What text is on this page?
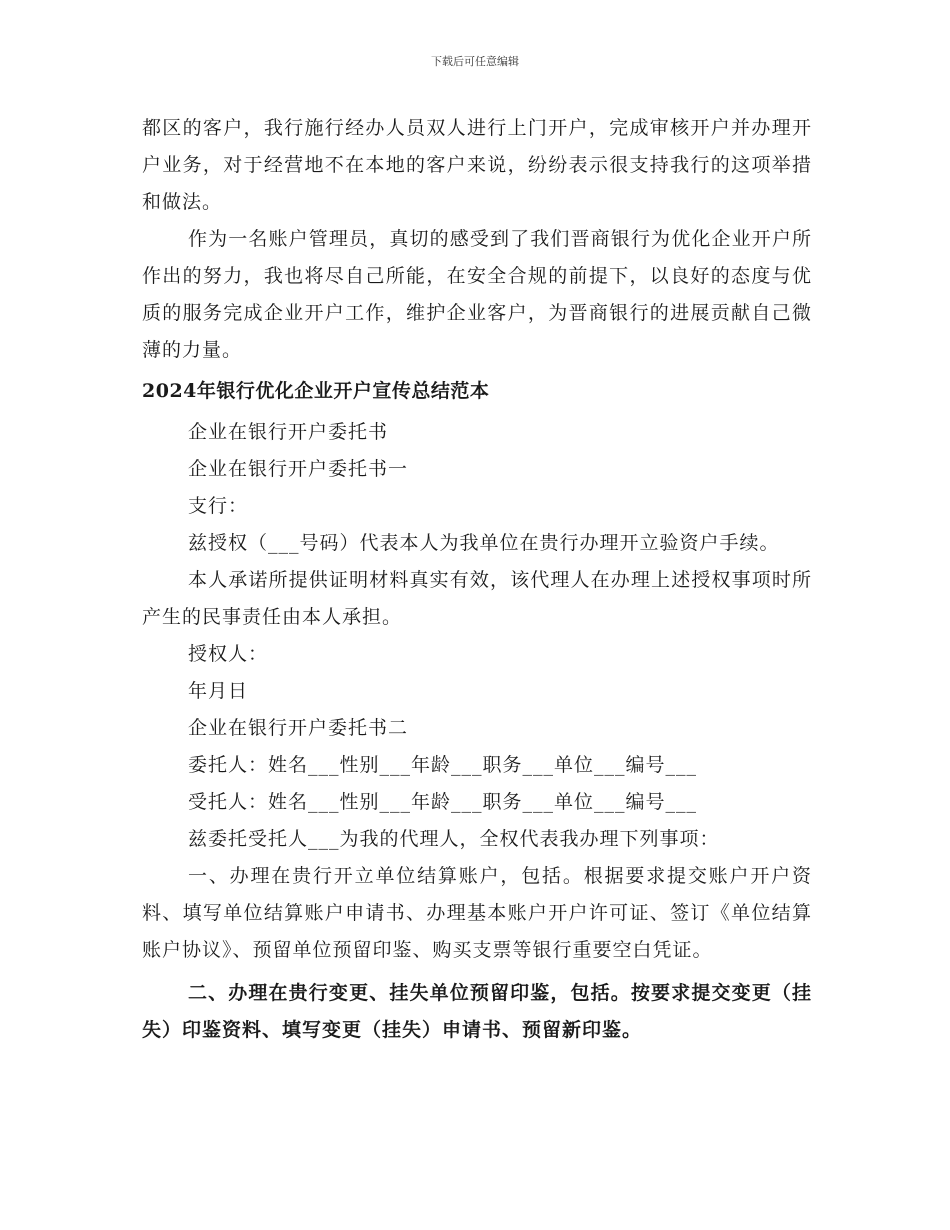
下载后可任意编辑

都区的客户，我行施行经办人员双人进行上门开户，完成审核开户并办理开户业务，对于经营地不在本地的客户来说，纷纷表示很支持我行的这项举措和做法。

作为一名账户管理员，真切的感受到了我们晋商银行为优化企业开户所作出的努力，我也将尽自己所能，在安全合规的前提下，以良好的态度与优质的服务完成企业开户工作，维护企业客户，为晋商银行的进展贡献自己微薄的力量。

2024年银行优化企业开户宣传总结范本

企业在银行开户委托书

企业在银行开户委托书一

支行：

兹授权（___号码）代表本人为我单位在贵行办理开立验资户手续。

本人承诺所提供证明材料真实有效，该代理人在办理上述授权事项时所产生的民事责任由本人承担。

授权人：

年月日

企业在银行开户委托书二

委托人：姓名___性别___年龄___职务___单位___编号___

受托人：姓名___性别___年龄___职务___单位___编号___

兹委托受托人___为我的代理人，全权代表我办理下列事项：

一、办理在贵行开立单位结算账户，包括。根据要求提交账户开户资料、填写单位结算账户申请书、办理基本账户开户许可证、签订《单位结算账户协议》、预留单位预留印鉴、购买支票等银行重要空白凭证。

二、办理在贵行变更、挂失单位预留印鉴，包括。按要求提交变更（挂失）印鉴资料、填写变更（挂失）申请书、预留新印鉴。
